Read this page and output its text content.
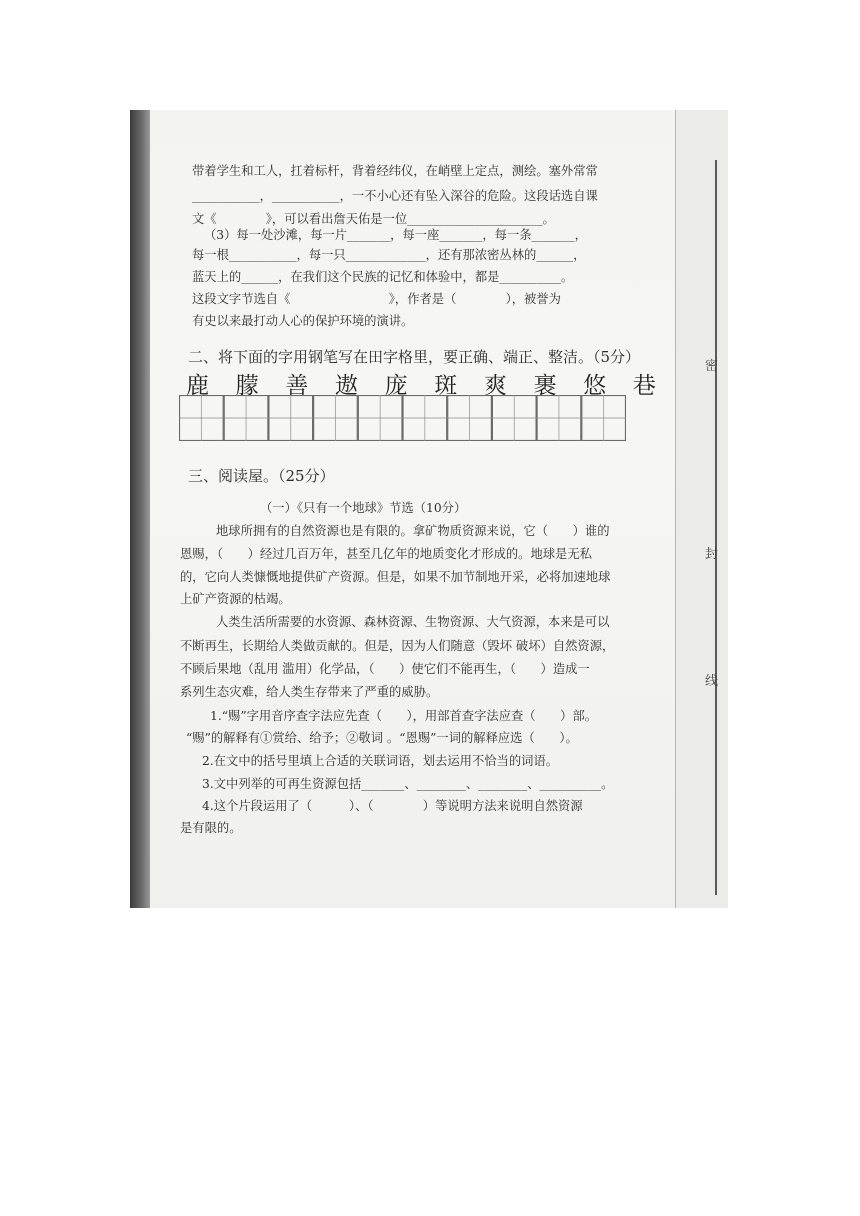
密
封
线
带着学生和工人，扛着标杆，背着经纬仪，在峭壁上定点，测绘。塞外常常
___________，___________，一不小心还有坠入深谷的危险。这段话选自课
文《　　　　》，可以看出詹天佑是一位______________________。
（3）每一处沙滩，每一片_______，每一座_______，每一条_______，
每一根___________，每一只_____________，还有那浓密丛林的______，
蓝天上的______，在我们这个民族的记忆和体验中，都是__________。
这段文字节选自《　　　　　　　　》，作者是（　　　　），被誉为
有史以来最打动人心的保护环境的演讲。
二、将下面的字用钢笔写在田字格里，要正确、端正、整洁。（5分）
鹿 朦 善 遨 庞 斑 爽 裹 悠 巷
三、阅读屋。（25分）
（一）《只有一个地球》节选（10分）
地球所拥有的自然资源也是有限的。拿矿物质资源来说，它（　　）谁的
恩赐，（　　）经过几百万年，甚至几亿年的地质变化才形成的。地球是无私
的，它向人类慷慨地提供矿产资源。但是，如果不加节制地开采，必将加速地球
上矿产资源的枯竭。
人类生活所需要的水资源、森林资源、生物资源、大气资源，本来是可以
不断再生，长期给人类做贡献的。但是，因为人们随意（毁坏 破坏）自然资源，
不顾后果地（乱用 滥用）化学品，（　　）使它们不能再生，（　　）造成一
系列生态灾难，给人类生存带来了严重的威胁。
1.“赐”字用音序查字法应先查（　　），用部首查字法应查（　　）部。
“赐”的解释有①赏给、给予；②敬词 。“恩赐”一词的解释应选（　　）。
2.在文中的括号里填上合适的关联词语，划去运用不恰当的词语。
3.文中列举的可再生资源包括_______、________、________、__________。
4.这个片段运用了（　　　）、（　　　　）等说明方法来说明自然资源
是有限的。
